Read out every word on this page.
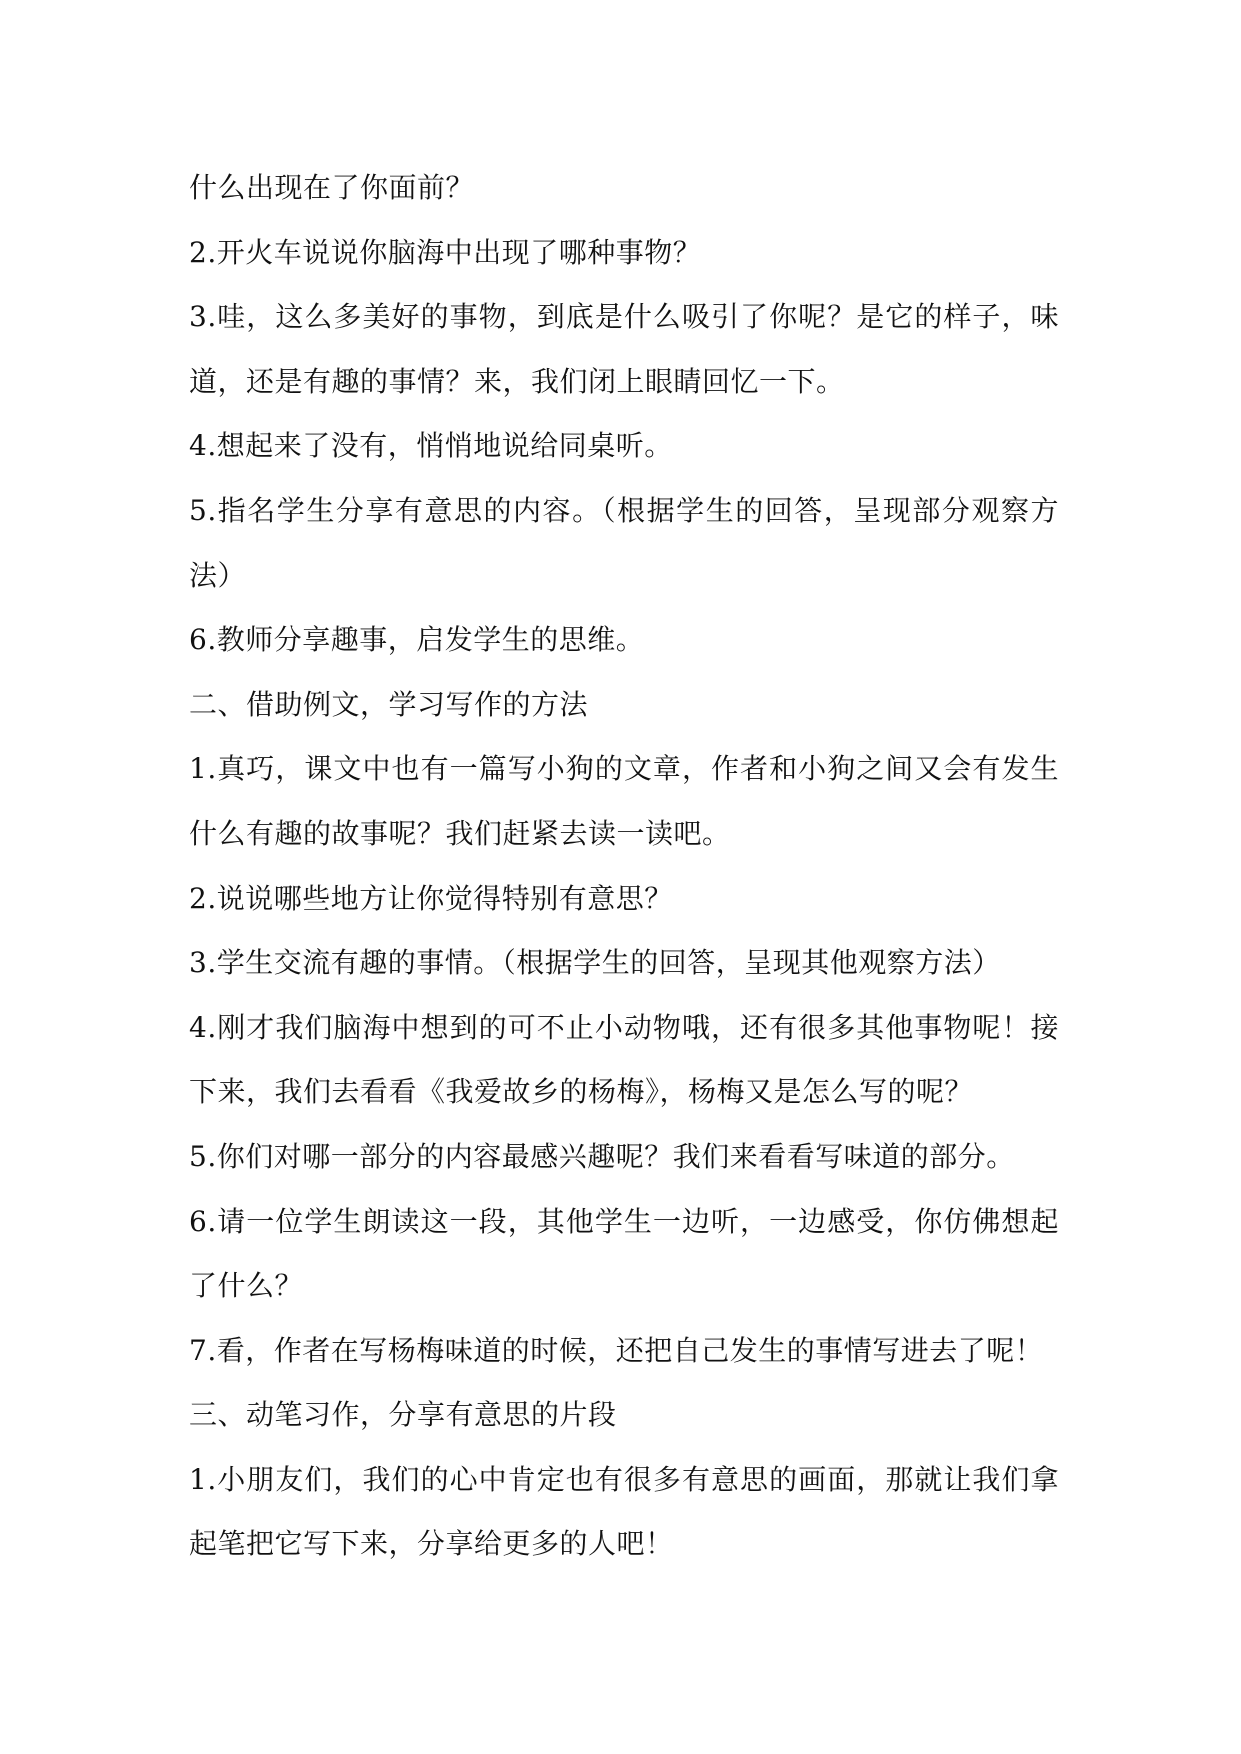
什么出现在了你面前？
2.开火车说说你脑海中出现了哪种事物？
3.哇，这么多美好的事物，到底是什么吸引了你呢？是它的样子，味
道，还是有趣的事情？来，我们闭上眼睛回忆一下。
4.想起来了没有，悄悄地说给同桌听。
5.指名学生分享有意思的内容。（根据学生的回答，呈现部分观察方
法）
6.教师分享趣事，启发学生的思维。
二、借助例文，学习写作的方法
1.真巧，课文中也有一篇写小狗的文章，作者和小狗之间又会有发生
什么有趣的故事呢？我们赶紧去读一读吧。
2.说说哪些地方让你觉得特别有意思？
3.学生交流有趣的事情。（根据学生的回答，呈现其他观察方法）
4.刚才我们脑海中想到的可不止小动物哦，还有很多其他事物呢！接
下来，我们去看看《我爱故乡的杨梅》，杨梅又是怎么写的呢？
5.你们对哪一部分的内容最感兴趣呢？我们来看看写味道的部分。
6.请一位学生朗读这一段，其他学生一边听，一边感受，你仿佛想起
了什么？
7.看，作者在写杨梅味道的时候，还把自己发生的事情写进去了呢！
三、动笔习作，分享有意思的片段
1.小朋友们，我们的心中肯定也有很多有意思的画面，那就让我们拿
起笔把它写下来，分享给更多的人吧！
